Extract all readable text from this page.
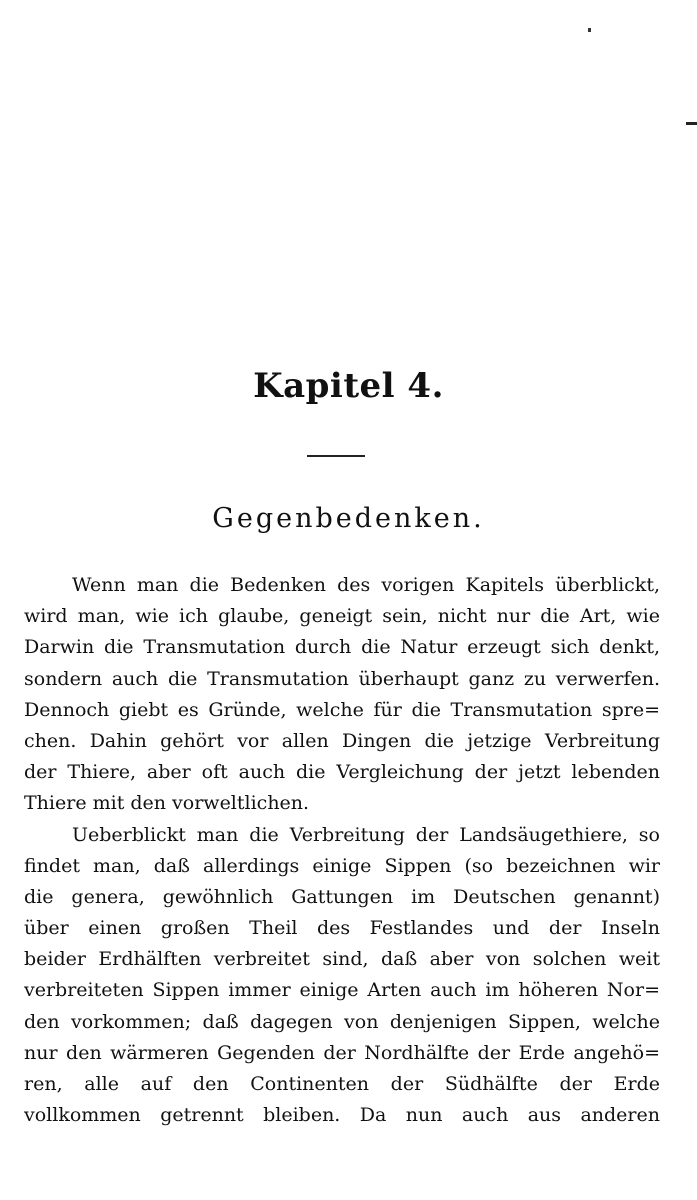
Kapitel 4.
Gegenbedenken.
Wenn man die Bedenken des vorigen Kapitels überblickt,
wird man, wie ich glaube, geneigt sein, nicht nur die Art, wie
Darwin die Transmutation durch die Natur erzeugt sich denkt,
sondern auch die Transmutation überhaupt ganz zu verwerfen.
Dennoch giebt es Gründe, welche für die Transmutation spre=
chen. Dahin gehört vor allen Dingen die jetzige Verbreitung
der Thiere, aber oft auch die Vergleichung der jetzt lebenden
Thiere mit den vorweltlichen.
Ueberblickt man die Verbreitung der Landsäugethiere, so
findet man, daß allerdings einige Sippen (so bezeichnen wir
die genera, gewöhnlich Gattungen im Deutschen genannt)
über einen großen Theil des Festlandes und der Inseln
beider Erdhälften verbreitet sind, daß aber von solchen weit
verbreiteten Sippen immer einige Arten auch im höheren Nor=
den vorkommen; daß dagegen von denjenigen Sippen, welche
nur den wärmeren Gegenden der Nordhälfte der Erde angehö=
ren, alle auf den Continenten der Südhälfte der Erde
vollkommen getrennt bleiben. Da nun auch aus anderen
